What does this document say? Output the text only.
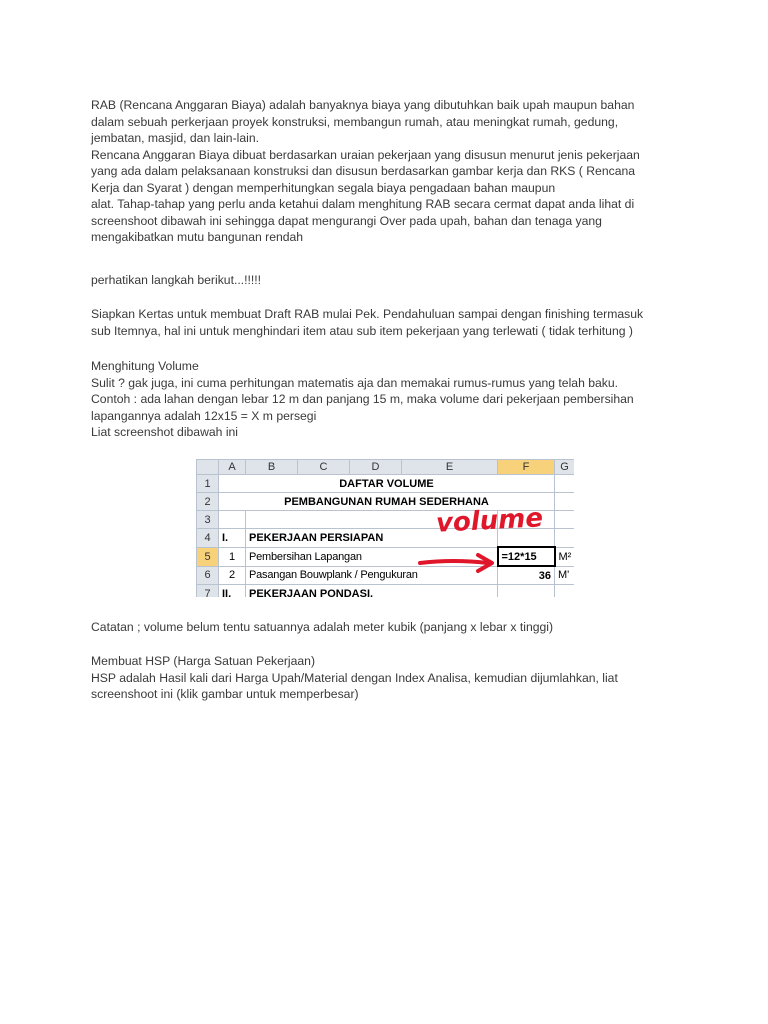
RAB (Rencana Anggaran Biaya) adalah banyaknya biaya yang dibutuhkan baik upah maupun bahan
dalam sebuah perkerjaan proyek konstruksi, membangun rumah, atau meningkat rumah, gedung,
jembatan, masjid, dan lain-lain.
Rencana Anggaran Biaya dibuat berdasarkan uraian pekerjaan yang disusun menurut jenis pekerjaan
yang ada dalam pelaksanaan konstruksi dan disusun berdasarkan gambar kerja dan RKS ( Rencana
Kerja dan Syarat ) dengan memperhitungkan segala biaya pengadaan bahan maupun
alat. Tahap-tahap yang perlu anda ketahui dalam menghitung RAB secara cermat dapat anda lihat di
screenshoot dibawah ini sehingga dapat mengurangi Over pada upah, bahan dan tenaga yang
mengakibatkan mutu bangunan rendah
perhatikan langkah berikut...!!!!!
Siapkan Kertas untuk membuat Draft RAB mulai Pek. Pendahuluan sampai dengan finishing termasuk
sub Itemnya, hal ini untuk menghindari item atau sub item pekerjaan yang terlewati ( tidak terhitung )
Menghitung Volume
Sulit ? gak juga, ini cuma perhitungan matematis aja dan memakai rumus-rumus yang telah baku.
Contoh : ada lahan dengan lebar 12 m dan panjang 15 m, maka volume dari pekerjaan pembersihan
lapangannya adalah 12x15 = X m persegi
Liat screenshot dibawah ini
	A	B	C	D	E	F	G
1	DAFTAR VOLUME						
2	PEMBANGUNAN RUMAH SEDERHANA						
3							
4	I.	PEKERJAAN PERSIAPAN					
5	1	Pembersihan Lapangan				=12*15	M²
6	2	Pasangan Bouwplank / Pengukuran				36	M'
7	II.	PEKERJAAN PONDASI.					
volume
Catatan ; volume belum tentu satuannya adalah meter kubik (panjang x lebar x tinggi)
Membuat HSP (Harga Satuan Pekerjaan)
HSP adalah Hasil kali dari Harga Upah/Material dengan Index Analisa, kemudian dijumlahkan, liat
screenshoot ini (klik gambar untuk memperbesar)
